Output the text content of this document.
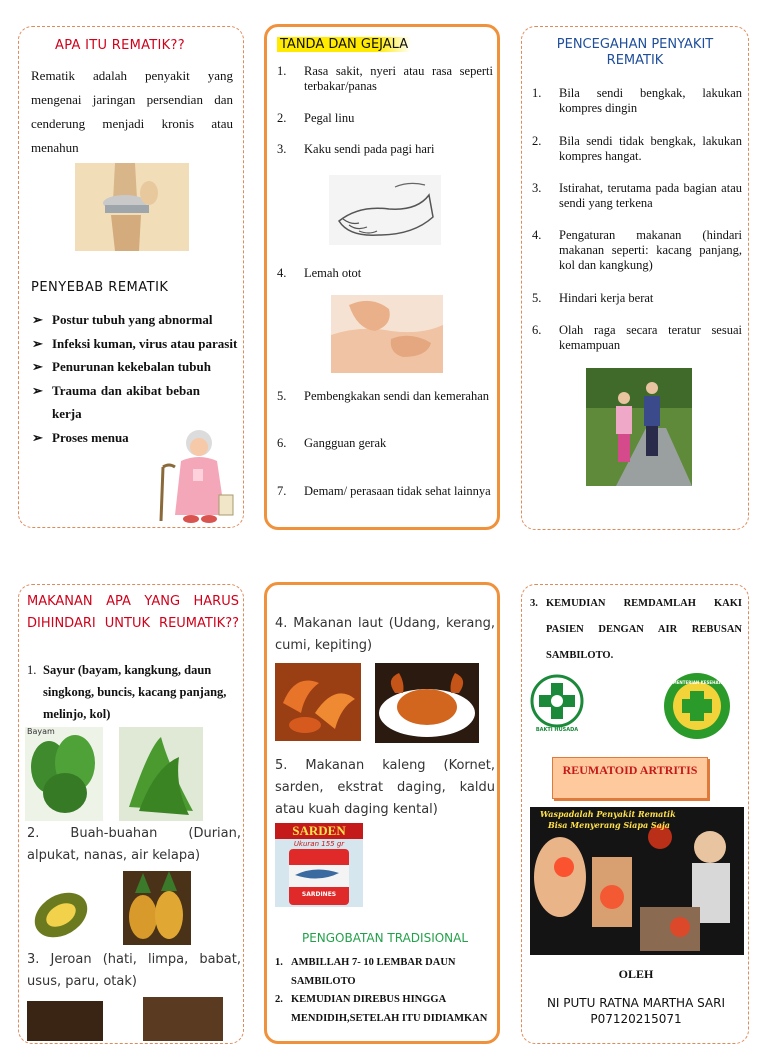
APA ITU REMATIK??
Rematik adalah penyakit yang mengenai jaringan persendian dan cenderung menjadi kronis atau menahun
PENYEBAB REMATIK
➢ Postur tubuh yang abnormal
➢ Infeksi kuman, virus atau parasit
➢ Penurunan kekebalan tubuh
➢ Trauma dan akibat beban kerja
➢ Proses menua
TANDA DAN GEJALA
1. Rasa sakit, nyeri atau rasa seperti terbakar/panas
2. Pegal linu
3. Kaku sendi pada pagi hari
4. Lemah otot
5. Pembengkakan sendi dan kemerahan
6. Gangguan gerak
7. Demam/ perasaan tidak sehat lainnya
PENCEGAHAN PENYAKIT REMATIK
1. Bila sendi bengkak, lakukan kompres dingin
2. Bila sendi tidak bengkak, lakukan kompres hangat.
3. Istirahat, terutama pada bagian atau sendi yang terkena
4. Pengaturan makanan (hindari makanan seperti: kacang panjang, kol dan kangkung)
5. Hindari kerja berat
6. Olah raga secara teratur sesuai kemampuan
MAKANAN APA YANG HARUS DIHINDARI UNTUK REUMATIK??
1. Sayur (bayam, kangkung, daun singkong, buncis, kacang panjang, melinjo, kol)
Bayam
2. Buah-buahan (Durian, alpukat, nanas, air kelapa)
3. Jeroan (hati, limpa, babat, usus, paru, otak)
4. Makanan laut (Udang, kerang, cumi, kepiting)
5. Makanan kaleng (Kornet, sarden, ekstrat daging, kaldu atau kuah daging kental)
SARDEN
Ukuran 155 gr
SARDINES
PENGOBATAN TRADISIONAL
1. AMBILLAH 7- 10 LEMBAR DAUN SAMBILOTO
2. KEMUDIAN DIREBUS HINGGA MENDIDIH,SETELAH ITU DIDIAMKAN
3. KEMUDIAN REMDAMLAH KAKI PASIEN DENGAN AIR REBUSAN SAMBILOTO.
BAKTI HUSADA
KEMENTERIAN KESEHATAN
REUMATOID ARTRITIS
Waspadalah Penyakit Rematik
Bisa Menyerang Siapa Saja
OLEH
NI PUTU RATNA MARTHA SARI
P07120215071
